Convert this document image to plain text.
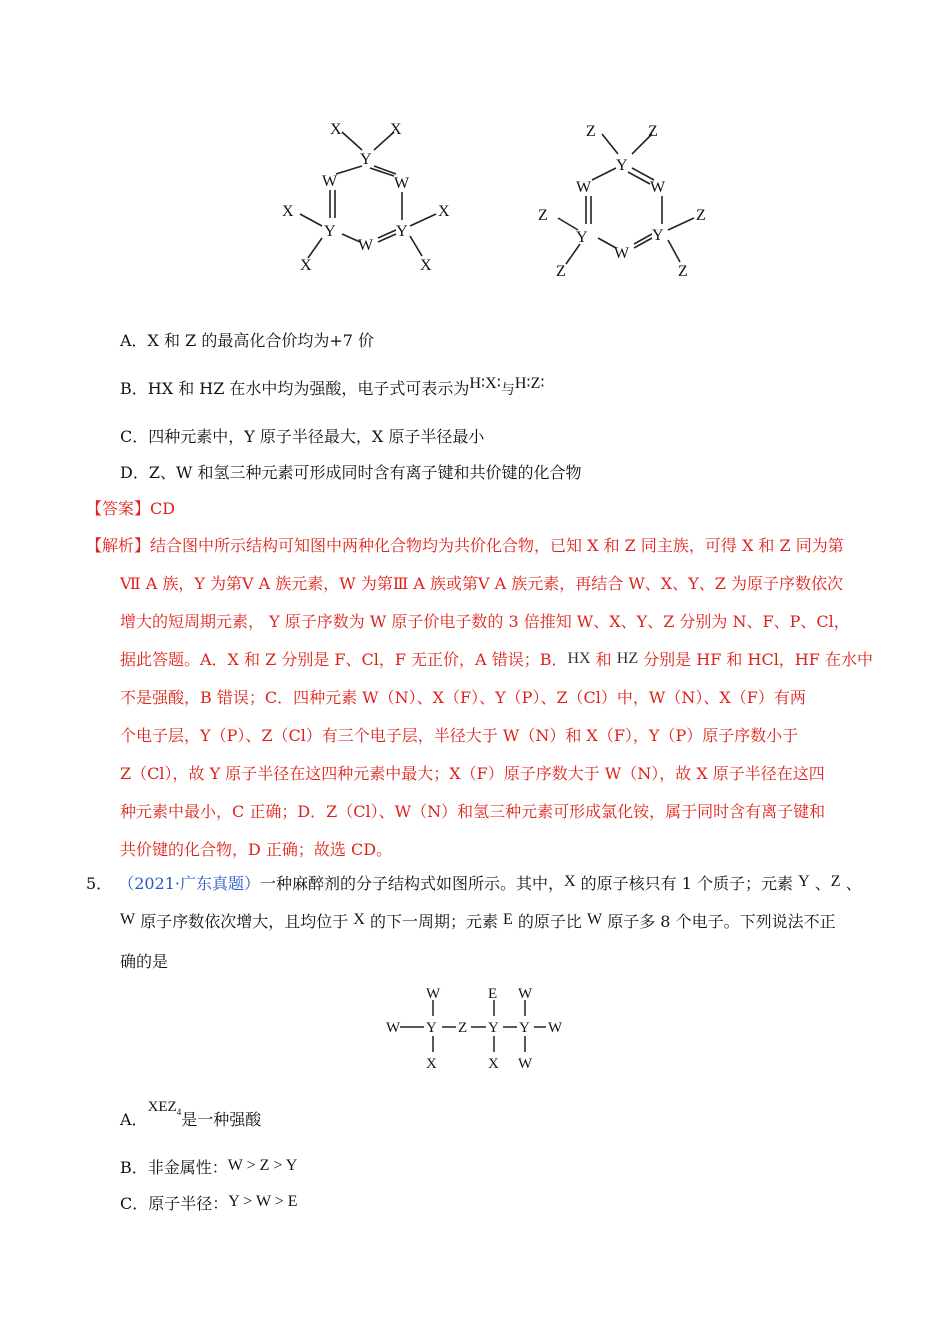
X	X
Y
W	W
X
Y
W
Y
X
X	X
Z	Z
Y
W	W
Z
Y
W
Y
Z
Z	Z
A．X 和 Z 的最高化合价均为+7 价
B．HX 和 HZ 在水中均为强酸，电子式可表示为H∶X∶与H∶Z∶
C．四种元素中，Y 原子半径最大，X 原子半径最小
D．Z、W 和氢三种元素可形成同时含有离子键和共价键的化合物
【答案】CD
【解析】结合图中所示结构可知图中两种化合物均为共价化合物，已知 X 和 Z 同主族，可得 X 和 Z 同为第
Ⅶ A 族，Y 为第Ⅴ A 族元素，W 为第Ⅲ A 族或第Ⅴ A 族元素，再结合 W、X、Y、Z 为原子序数依次
增大的短周期元素， Y 原子序数为 W 原子价电子数的 3 倍推知 W、X、Y、Z 分别为 N、F、P、Cl，
据此答题。A．X 和 Z 分别是 F、Cl，F 无正价，A 错误；B．HX 和 HZ 分别是 HF 和 HCl，HF 在水中
不是强酸，B 错误；C．四种元素 W（N）、X（F）、Y（P）、Z（Cl）中，W（N）、X（F）有两
个电子层，Y（P）、Z（Cl）有三个电子层，半径大于 W（N）和 X（F），Y（P）原子序数小于
Z（Cl），故 Y 原子半径在这四种元素中最大；X（F）原子序数大于 W（N），故 X 原子半径在这四
种元素中最小，C 正确；D．Z（Cl）、W（N）和氢三种元素可形成氯化铵，属于同时含有离子键和
共价键的化合物，D 正确；故选 CD。
5． （2021·广东真题）一种麻醉剂的分子结构式如图所示。其中，X 的原子核只有 1 个质子；元素 Y 、Z 、
W 原子序数依次增大，且均位于 X 的下一周期；元素 E 的原子比 W 原子多 8 个电子。下列说法不正
确的是
W	E W
W Y Z Y Y W
X	X W
A．$XEZ_4$是一种强酸
B．非金属性：W > Z > Y
C．原子半径：Y > W > E
